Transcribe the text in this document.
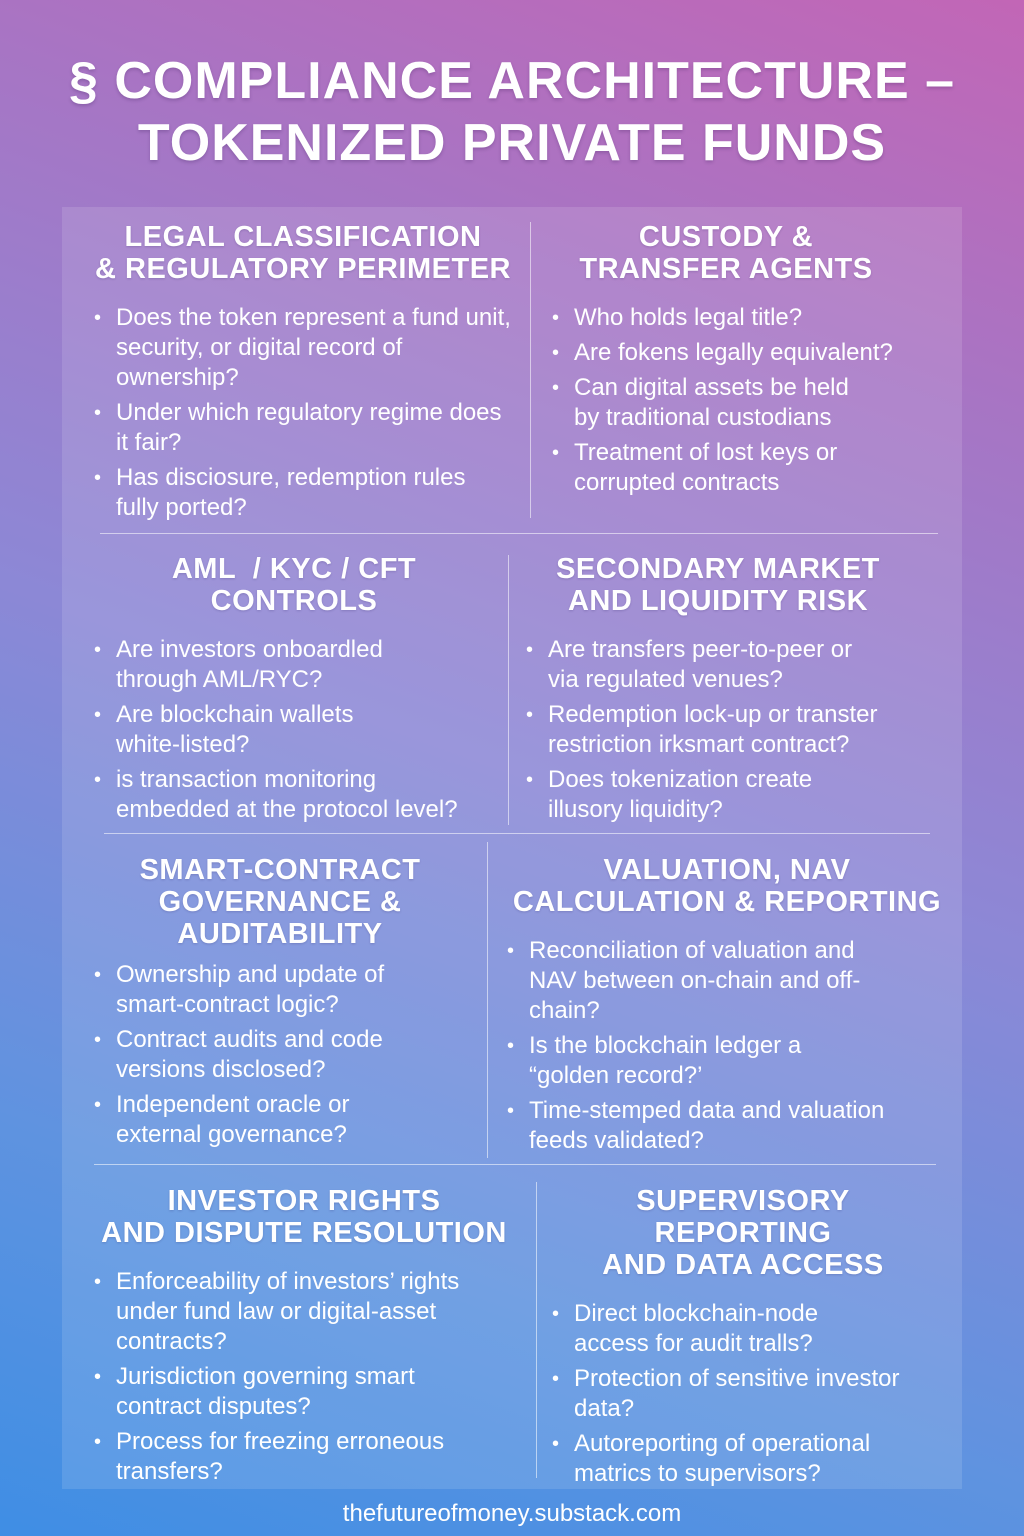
§ COMPLIANCE ARCHITECTURE –
TOKENIZED PRIVATE FUNDS
LEGAL CLASSIFICATION
& REGULATORY PERIMETER
• Does the token represent a fund unit, security, or digital record of ownership?
• Under which regulatory regime does it fair?
• Has disciosure, redemption rules fully ported?
CUSTODY &
TRANSFER AGENTS
• Who holds legal title?
• Are fokens legally equivalent?
• Can digital assets be held by traditional custodians
• Treatment of lost keys or corrupted contracts
AML  / KYC / CFT
CONTROLS
• Are investors onboardled through AML/RYC?
• Are blockchain wallets white-listed?
• is transaction monitoring embedded at the protocol level?
SECONDARY MARKET
AND LIQUIDITY RISK
• Are transfers peer-to-peer or via regulated venues?
• Redemption lock-up or transter restriction irksmart contract?
• Does tokenization create illusory liquidity?
SMART-CONTRACT
GOVERNANCE &
AUDITABILITY
• Ownership and update of smart-contract logic?
• Contract audits and code versions disclosed?
• Independent oracle or external governance?
VALUATION, NAV
CALCULATION & REPORTING
• Reconciliation of valuation and NAV between on-chain and off-chain?
• Is the blockchain ledger a “golden record?’
• Time-stemped data and valuation feeds validated?
INVESTOR RIGHTS
AND DISPUTE RESOLUTION
• Enforceability of investors’ rights under fund law or digital-asset contracts?
• Jurisdiction governing smart contract disputes?
• Process for freezing erroneous transfers?
SUPERVISORY REPORTING
AND DATA ACCESS
• Direct blockchain-node access for audit tralls?
• Protection of sensitive investor data?
• Autoreporting of operational matrics to supervisors?
thefutureofmoney.substack.com
